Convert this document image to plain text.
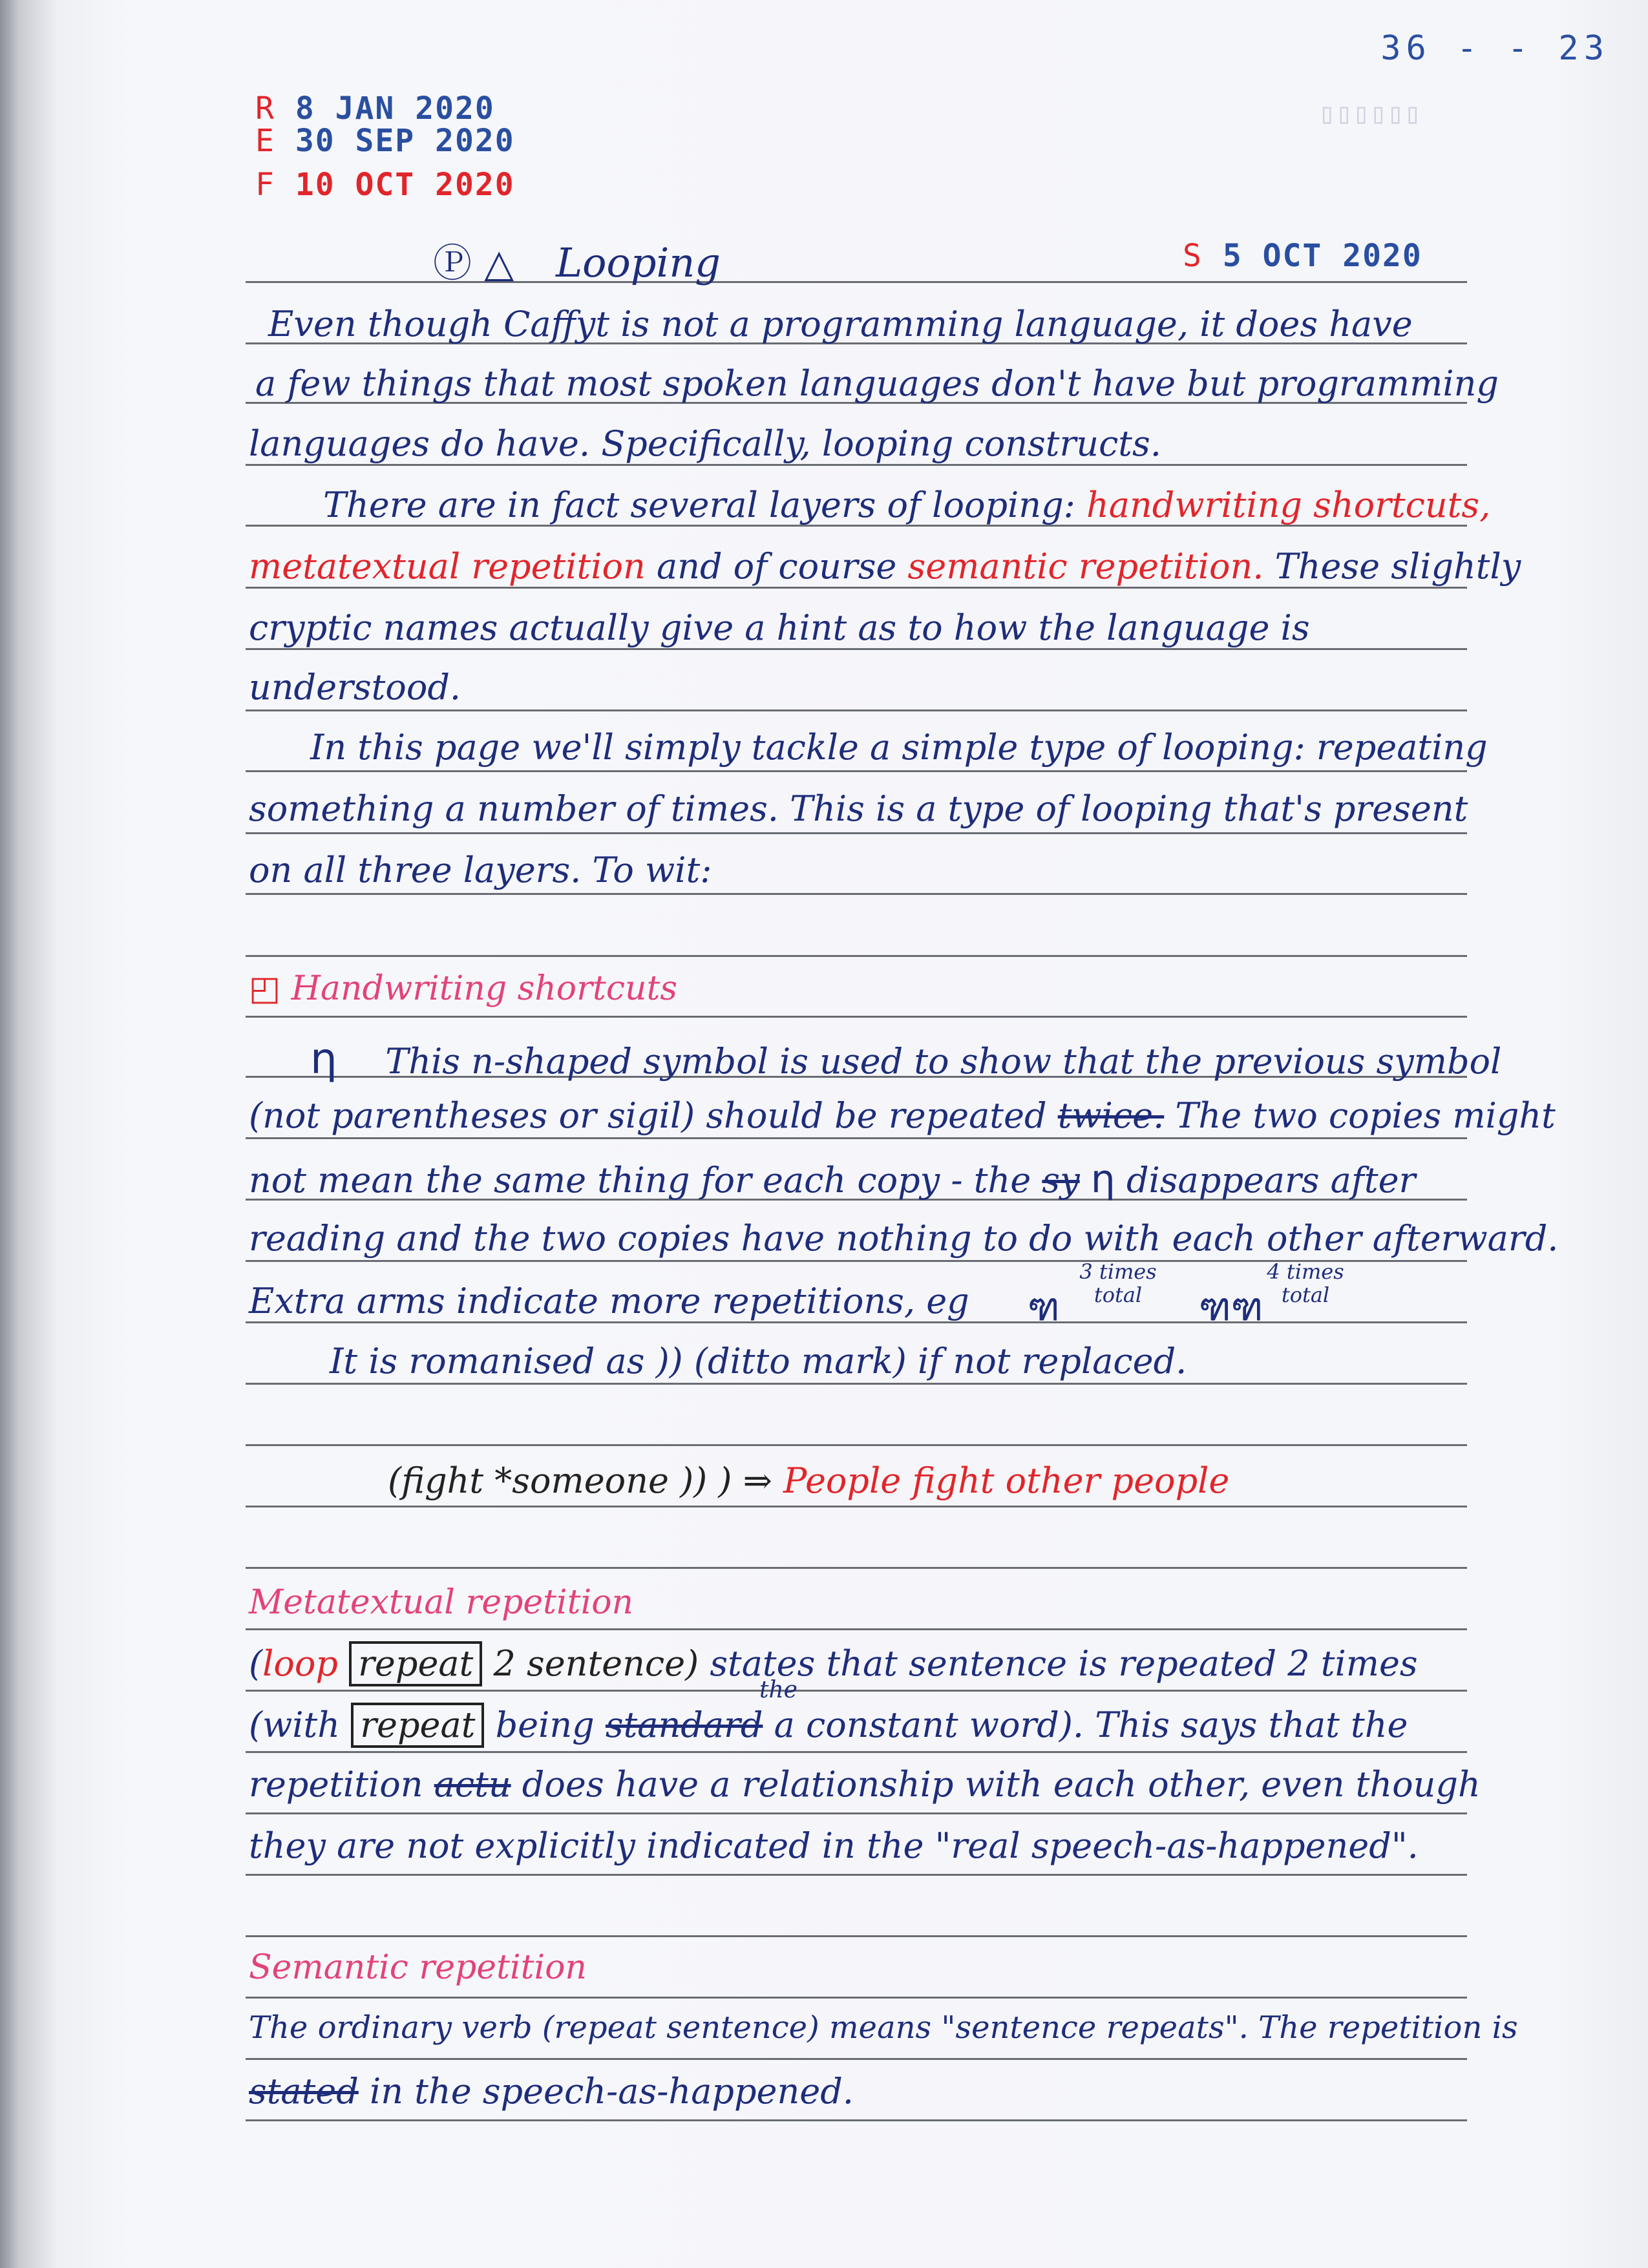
36 - - 23
R 8 JAN 2020
E 30 SEP 2020
F 10 OCT 2020
S 5 OCT 2020
▯▯▯▯▯▯
Ⓟ △ Looping
Even though Caffyt is not a programming language, it does have
a few things that most spoken languages don't have but programming
languages do have. Specifically, looping constructs.
There are in fact several layers of looping: handwriting shortcuts,
metatextual repetition and of course semantic repetition. These slightly
cryptic names actually give a hint as to how the language is
understood.
In this page we'll simply tackle a simple type of looping: repeating
something a number of times. This is a type of looping that's present
on all three layers. To wit:
◰ Handwriting shortcuts
η This n-shaped symbol is used to show that the previous symbol
(not parentheses or sigil) should be repeated twice. The two copies might
not mean the same thing for each copy - the sy η disappears after
reading and the two copies have nothing to do with each other afterward.
Extra arms indicate more repetitions, eg ฑ
3 times
total	ฑฑ
4 times
total
It is romanised as )) (ditto mark) if not replaced.
(fight *someone )) ) ⇒ People fight other people
Metatextual repetition
(loop repeat 2 sentence) states that sentence is repeated 2 times
the
(with repeat being standard a constant word). This says that the
repetition actu does have a relationship with each other, even though
they are not explicitly indicated in the "real speech-as-happened".
Semantic repetition
The ordinary verb (repeat sentence) means "sentence repeats". The repetition is
stated in the speech-as-happened.
